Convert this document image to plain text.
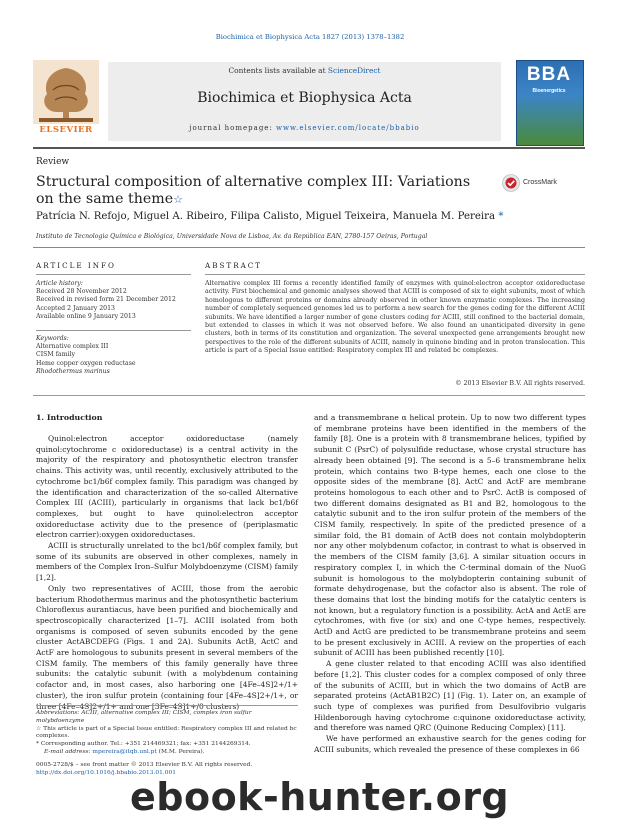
Biochimica et Biophysica Acta 1827 (2013) 1378–1382
Contents lists available at ScienceDirect
Biochimica et Biophysica Acta
journal homepage: www.elsevier.com/locate/bbabio
ELSEVIER
BBA
Bioenergetics
Review
Structural composition of alternative complex III: Variations on the same theme☆
CrossMark
Patrícia N. Refojo, Miguel A. Ribeiro, Filipa Calisto, Miguel Teixeira, Manuela M. Pereira *
Instituto de Tecnologia Química e Biológica, Universidade Nova de Lisboa, Av. da República EAN, 2780-157 Oeiras, Portugal
ARTICLE INFO	ABSTRACT
Article history:
Received 28 November 2012
Received in revised form 21 December 2012
Accepted 2 January 2013
Available online 9 January 2013
Keywords:
Alternative complex III
CISM family
Heme copper oxygen reductase
Rhodothermus marinus
Alternative complex III forms a recently identified family of enzymes with quinol:electron acceptor oxidoreductase activity. First biochemical and genomic analyses showed that ACIII is composed of six to eight subunits, most of which homologous to different proteins or domains already observed in other known enzymatic complexes. The increasing number of completely sequenced genomes led us to perform a new search for the genes coding for the different ACIII subunits. We have identified a larger number of gene clusters coding for ACIII, still confined to the bacterial domain, but extended to classes in which it was not observed before. We also found an unanticipated diversity in gene clusters, both in terms of its constitution and organization. The several unexpected gene arrangements brought new perspectives to the role of the different subunits of ACIII, namely in quinone binding and in proton translocation. This article is part of a Special Issue entitled: Respiratory complex III and related bc complexes.
© 2013 Elsevier B.V. All rights reserved.
1. Introduction

Quinol:electron acceptor oxidoreductase (namely quinol:cytochrome c oxidoreductase) is a central activity in the majority of the respiratory and photosynthetic electron transfer chains. This activity was, until recently, exclusively attributed to the cytochrome bc1/b6f complex family. This paradigm was changed by the identification and characterization of the so-called Alternative Complex III (ACIII), particularly in organisms that lack bc1/b6f complexes, but ought to have quinol:electron acceptor oxidoreductase activity due to the presence of (periplasmatic electron carrier):oxygen oxidoreductases.

ACIII is structurally unrelated to the bc1/b6f complex family, but some of its subunits are observed in other complexes, namely in members of the Complex Iron–Sulfur Molybdoenzyme (CISM) family [1,2].

Only two representatives of ACIII, those from the aerobic bacterium Rhodothermus marinus and the photosynthetic bacterium Chloroflexus aurantiacus, have been purified and biochemically and spectroscopically characterized [1–7]. ACIII isolated from both organisms is composed of seven subunits encoded by the gene cluster ActABCDEFG (Figs. 1 and 2A). Subunits ActB, ActC and ActF are homologous to subunits present in several members of the CISM family. The members of this family generally have three subunits: the catalytic subunit (with a molybdenum containing cofactor and, in most cases, also harboring one [4Fe–4S]2+/1+ cluster), the iron sulfur protein (containing four [4Fe–4S]2+/1+, or three [4Fe–4S]2+/1+ and one [3Fe–4S]1+/0 clusters)

and a transmembrane α helical protein. Up to now two different types of membrane proteins have been identified in the members of the family [8]. One is a protein with 8 transmembrane helices, typified by subunit C (PsrC) of polysulfide reductase, whose crystal structure has already been obtained [9]. The second is a 5–6 transmembrane helix protein, which contains two B-type hemes, each one close to the opposite sides of the membrane [8]. ActC and ActF are membrane proteins homologous to each other and to PsrC. ActB is composed of two different domains designated as B1 and B2, homologous to the catalytic subunit and to the iron sulfur protein of the members of the CISM family, respectively. In spite of the predicted presence of a similar fold, the B1 domain of ActB does not contain molybdopterin nor any other molybdenum cofactor, in contrast to what is observed in the members of the CISM family [3,6]. A similar situation occurs in respiratory complex I, in which the C-terminal domain of the NuoG subunit is homologous to the molybdopterin containing subunit of formate dehydrogenase, but the cofactor also is absent. The role of these domains that lost the binding motifs for the catalytic centers is not known, but a regulatory function is a possibility. ActA and ActE are cytochromes, with five (or six) and one C-type hemes, respectively. ActD and ActG are predicted to be transmembrane proteins and seem to be present exclusively in ACIII. A review on the properties of each subunit of ACIII has been published recently [10].

A gene cluster related to that encoding ACIII was also identified before [1,2]. This cluster codes for a complex composed of only three of the subunits of ACIII, but in which the two domains of ActB are separated proteins (ActAB1B2C) [1] (Fig. 1). Later on, an example of such type of complexes was purified from Desulfovibrio vulgaris Hildenborough having cytochrome c:quinone oxidoreductase activity, and therefore was named QRC (Quinone Reducing Complex) [11].

We have performed an exhaustive search for the genes coding for ACIII subunits, which revealed the presence of these complexes in 66

Abbreviations: ACIII, alternative complex III; CISM, complex iron sulfur molybdoenzyme
☆ This article is part of a Special Issue entitled: Respiratory complex III and related bc complexes.
* Corresponding author. Tel.: +351 214469321; fax: +351 2144269314.
E-mail address: mpereira@itqb.unl.pt (M.M. Pereira).
0005-2728/$ – see front matter © 2013 Elsevier B.V. All rights reserved.
http://dx.doi.org/10.1016/j.bbabio.2013.01.001
ebook-hunter.org
